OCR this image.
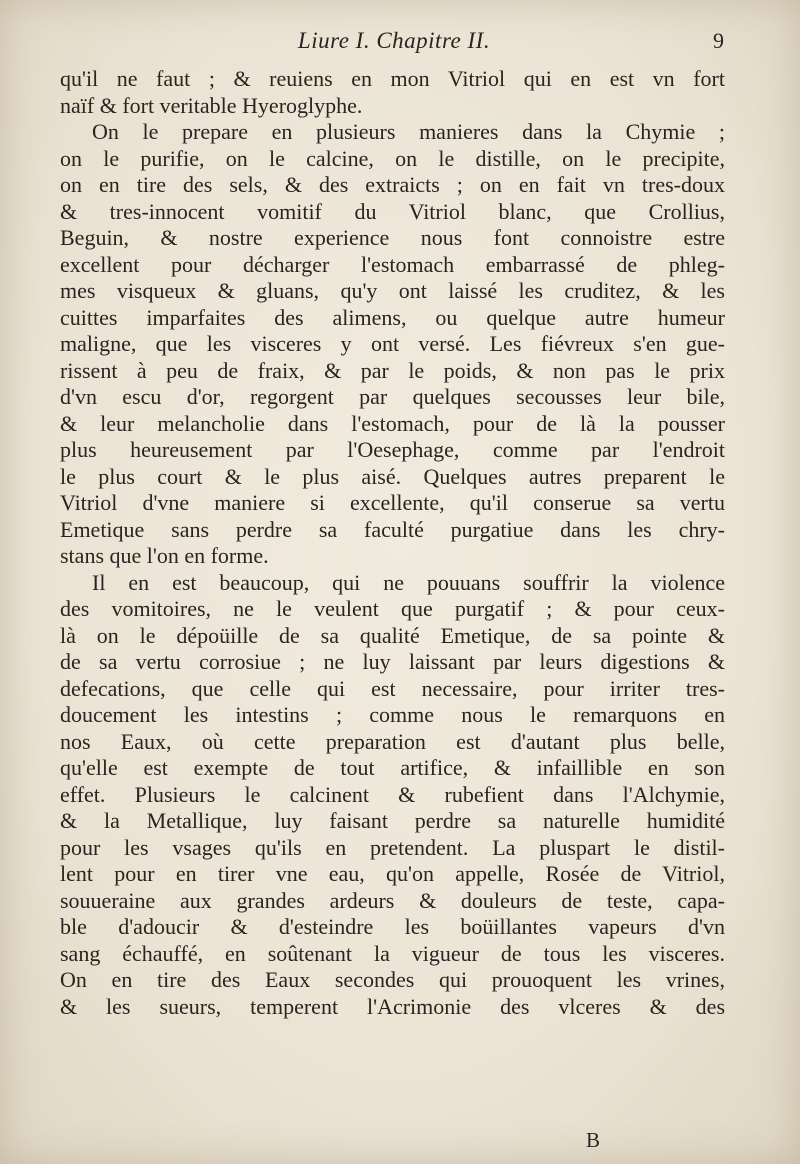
Liure I. Chapitre II.	9
qu'il ne faut ; & reuiens en mon Vitriol qui en est vn fort
naïf & fort veritable Hyeroglyphe.
On le prepare en plusieurs manieres dans la Chymie ;
on le purifie, on le calcine, on le distille, on le precipite,
on en tire des sels, & des extraicts ; on en fait vn tres-doux
& tres-innocent vomitif du Vitriol blanc, que Crollius,
Beguin, & nostre experience nous font connoistre estre
excellent pour décharger l'estomach embarrassé de phleg-
mes visqueux & gluans, qu'y ont laissé les cruditez, & les
cuittes imparfaites des alimens, ou quelque autre humeur
maligne, que les visceres y ont versé. Les fiévreux s'en gue-
rissent à peu de fraix, & par le poids, & non pas le prix
d'vn escu d'or, regorgent par quelques secousses leur bile,
& leur melancholie dans l'estomach, pour de là la pousser
plus heureusement par l'Oesephage, comme par l'endroit
le plus court & le plus aisé. Quelques autres preparent le
Vitriol d'vne maniere si excellente, qu'il conserue sa vertu
Emetique sans perdre sa faculté purgatiue dans les chry-
stans que l'on en forme.
Il en est beaucoup, qui ne pouuans souffrir la violence
des vomitoires, ne le veulent que purgatif ; & pour ceux-
là on le dépoüille de sa qualité Emetique, de sa pointe &
de sa vertu corrosiue ; ne luy laissant par leurs digestions &
defecations, que celle qui est necessaire, pour irriter tres-
doucement les intestins ; comme nous le remarquons en
nos Eaux, où cette preparation est d'autant plus belle,
qu'elle est exempte de tout artifice, & infaillible en son
effet. Plusieurs le calcinent & rubefient dans l'Alchymie,
& la Metallique, luy faisant perdre sa naturelle humidité
pour les vsages qu'ils en pretendent. La pluspart le distil-
lent pour en tirer vne eau, qu'on appelle, Rosée de Vitriol,
souueraine aux grandes ardeurs & douleurs de teste, capa-
ble d'adoucir & d'esteindre les boüillantes vapeurs d'vn
sang échauffé, en soûtenant la vigueur de tous les visceres.
On en tire des Eaux secondes qui prouoquent les vrines,
& les sueurs, temperent l'Acrimonie des vlceres & des
B
